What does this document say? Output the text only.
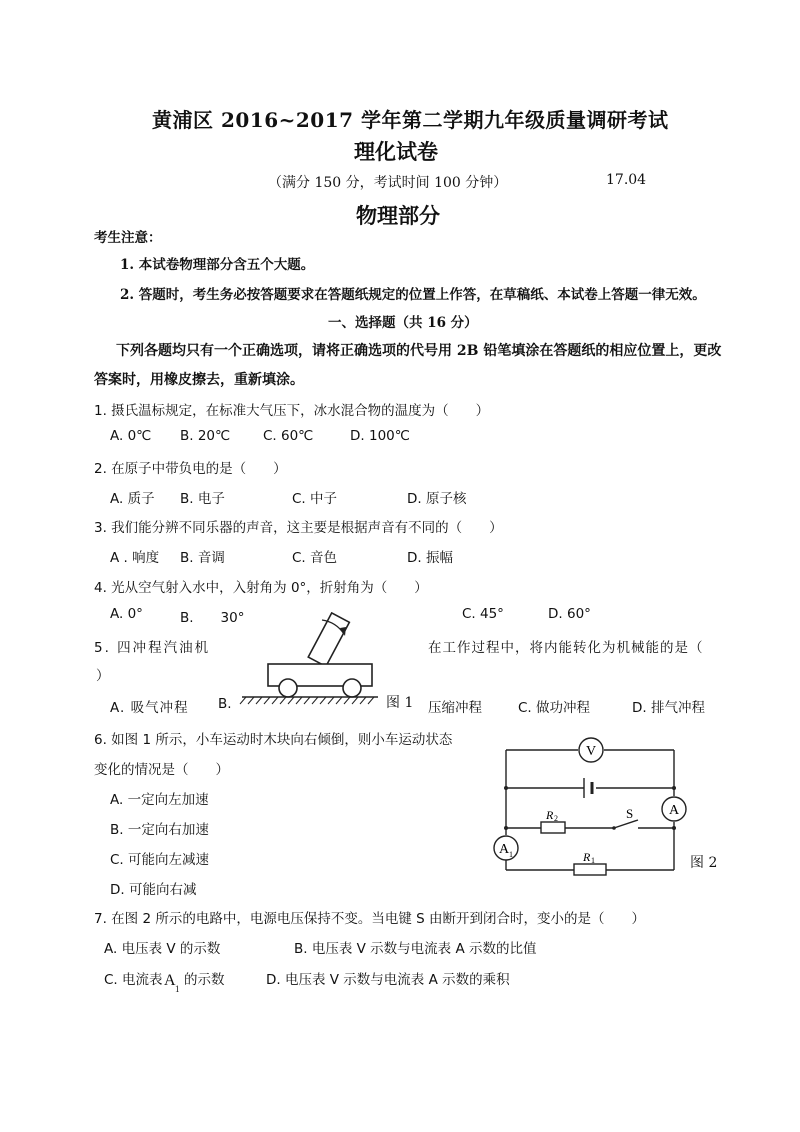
黄浦区 2016~2017 学年第二学期九年级质量调研考试
理化试卷
（满分 150 分，考试时间 100 分钟）	17.04
物理部分
考生注意：
1. 本试卷物理部分含五个大题。
2. 答题时，考生务必按答题要求在答题纸规定的位置上作答，在草稿纸、本试卷上答题一律无效。
一、选择题（共 16 分）
下列各题均只有一个正确选项，请将正确选项的代号用 2B 铅笔填涂在答题纸的相应位置上，更改
答案时，用橡皮擦去，重新填涂。
1. 摄氏温标规定，在标准大气压下，冰水混合物的温度为（　　）
A. 0℃ B. 20℃ C. 60℃	D. 100℃
2. 在原子中带负电的是（　　）
A. 质子 B. 电子	C. 中子	D. 原子核
3. 我们能分辨不同乐器的声音，这主要是根据声音有不同的（　　）
A . 响度 B. 音调	C. 音色	D. 振幅
4. 光从空气射入水中，入射角为 0°，折射角为（　　）
A. 0°	B.　　30°	C. 45°	D. 60°
5. 四冲程汽油机	在工作过程中，将内能转化为机械能的是（
）
A. 吸气冲程 B.	压缩冲程	C. 做功冲程	D. 排气冲程
图 1
6. 如图 1 所示，小车运动时木块向右倾倒，则小车运动状态
变化的情况是（　　）
A. 一定向左加速
B. 一定向右加速
C. 可能向左减速
D. 可能向右减
V
A
A 1
R 2	S
R 1	图 2
7. 在图 2 所示的电路中，电源电压保持不变。当电键 S 由断开到闭合时，变小的是（　　）
A. 电压表 V 的示数	B. 电压表 V 示数与电流表 A 示数的比值
C. 电流表 A 1
的示数	D. 电压表 V 示数与电流表 A 示数的乘积
